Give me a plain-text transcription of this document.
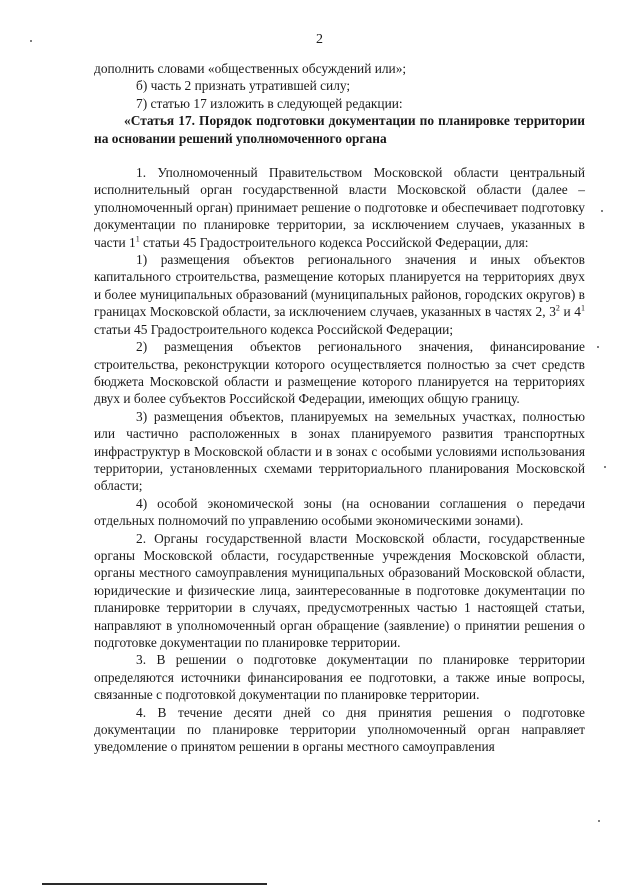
2

дополнить словами «общественных обсуждений или»;

б) часть 2 признать утратившей силу;

7) статью 17 изложить в следующей редакции:

«Статья 17. Порядок подготовки документации по планировке территории на основании решений уполномоченного органа

1. Уполномоченный Правительством Московской области центральный исполнительный орган государственной власти Московской области (далее – уполномоченный орган) принимает решение о подготовке и обеспечивает подготовку документации по планировке территории, за исключением случаев, указанных в части $1^1$ статьи 45 Градостроительного кодекса Российской Федерации, для:

1) размещения объектов регионального значения и иных объектов капитального строительства, размещение которых планируется на территориях двух и более муниципальных образований (муниципальных районов, городских округов) в границах Московской области, за исключением случаев, указанных в частях 2, $3^2$ и $4^1$ статьи 45 Градостроительного кодекса Российской Федерации;

2) размещения объектов регионального значения, финансирование строительства, реконструкции которого осуществляется полностью за счет средств бюджета Московской области и размещение которого планируется на территориях двух и более субъектов Российской Федерации, имеющих общую границу.

3) размещения объектов, планируемых на земельных участках, полностью или частично расположенных в зонах планируемого развития транспортных инфраструктур в Московской области и в зонах с особыми условиями использования территории, установленных схемами территориального планирования Московской области;

4) особой экономической зоны (на основании соглашения о передачи отдельных полномочий по управлению особыми экономическими зонами).

2. Органы государственной власти Московской области, государственные органы Московской области, государственные учреждения Московской области, органы местного самоуправления муниципальных образований Московской области, юридические и физические лица, заинтересованные в подготовке документации по планировке территории в случаях, предусмотренных частью 1 настоящей статьи, направляют в уполномоченный орган обращение (заявление) о принятии решения о подготовке документации по планировке территории.

3. В решении о подготовке документации по планировке территории определяются источники финансирования ее подготовки, а также иные вопросы, связанные с подготовкой документации по планировке территории.

4. В течение десяти дней со дня принятия решения о подготовке документации по планировке территории уполномоченный орган направляет уведомление о принятом решении в органы местного самоуправления
